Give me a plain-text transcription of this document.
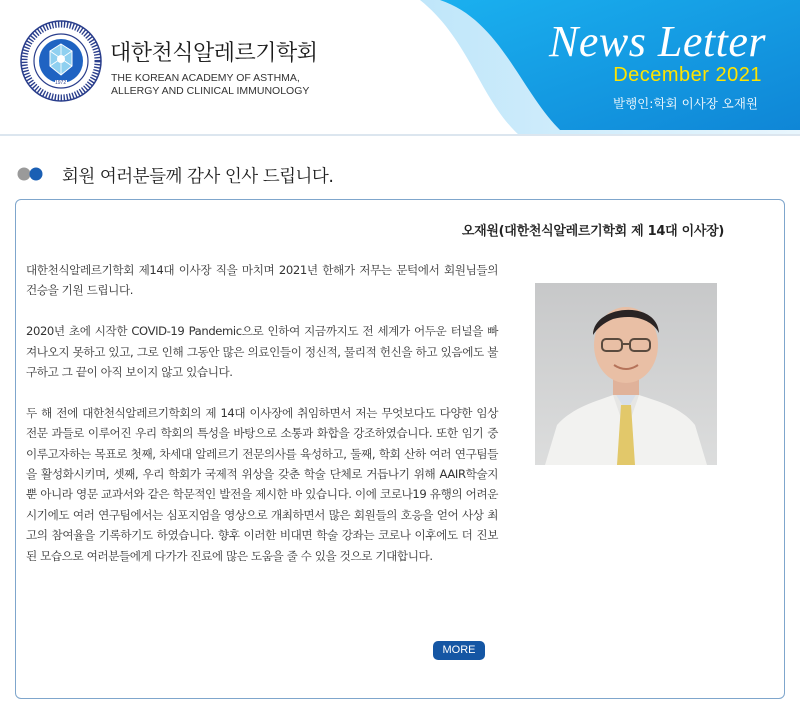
1972
대한천식알레르기학회
THE KOREAN ACADEMY OF ASTHMA,
ALLERGY AND CLINICAL IMMUNOLOGY
News Letter
December 2021
발행인:학회 이사장 오재원
회원 여러분들께 감사 인사 드립니다.
오재원(대한천식알레르기학회 제 14대 이사장)

대한천식알레르기학회 제14대 이사장 직을 마치며 2021년 한해가 저무는 문턱에서 회원님들의 건승을 기원 드립니다.

2020년 초에 시작한 COVID-19 Pandemic으로 인하여 지금까지도 전 세계가 어두운 터널을 빠져나오지 못하고 있고, 그로 인해 그동안 많은 의료인들이 정신적, 물리적 헌신을 하고 있음에도 불구하고 그 끝이 아직 보이지 않고 있습니다.

두 해 전에 대한천식알레르기학회의 제 14대 이사장에 취임하면서 저는 무엇보다도 다양한 임상 전문 과들로 이루어진 우리 학회의 특성을 바탕으로 소통과 화합을 강조하였습니다. 또한 임기 중 이루고자하는 목표로 첫째, 차세대 알레르기 전문의사를 육성하고, 둘째, 학회 산하 여러 연구팀들을 활성화시키며, 셋째, 우리 학회가 국제적 위상을 갖춘 학술 단체로 거듭나기 위해 AAIR학술지 뿐 아니라 영문 교과서와 같은 학문적인 발전을 제시한 바 있습니다. 이에 코로나19 유행의 어려운 시기에도 여러 연구팀에서는 심포지엄을 영상으로 개최하면서 많은 회원들의 호응을 얻어 사상 최고의 참여율을 기록하기도 하였습니다. 향후 이러한 비대면 학술 강좌는 코로나 이후에도 더 진보된 모습으로 여러분들에게 다가가 진료에 많은 도움을 줄 수 있을 것으로 기대합니다.

MORE
